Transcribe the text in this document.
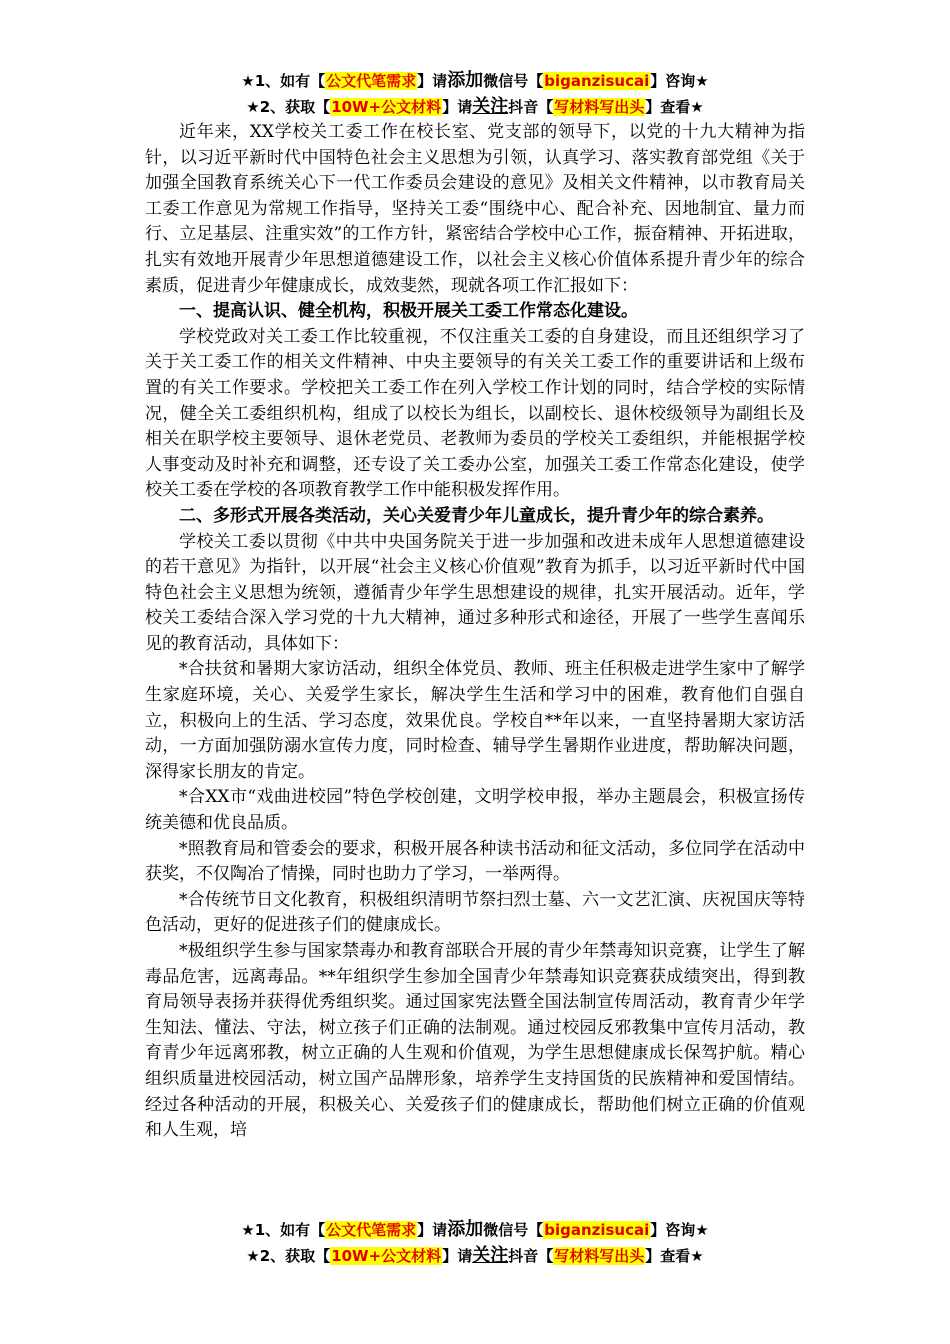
★1、如有【公文代笔需求】请添加微信号【biganzisucai】咨询★
★2、获取【10W+公文材料】请关注抖音【写材料写出头】查看★

近年来，XX学校关工委工作在校长室、党支部的领导下，以党的十九大精神为指针，以习近平新时代中国特色社会主义思想为引领，认真学习、落实教育部党组《关于加强全国教育系统关心下一代工作委员会建设的意见》及相关文件精神，以市教育局关工委工作意见为常规工作指导，坚持关工委“围绕中心、配合补充、因地制宜、量力而行、立足基层、注重实效”的工作方针，紧密结合学校中心工作，振奋精神、开拓进取，扎实有效地开展青少年思想道德建设工作，以社会主义核心价值体系提升青少年的综合素质，促进青少年健康成长，成效斐然，现就各项工作汇报如下：

一、提高认识、健全机构，积极开展关工委工作常态化建设。

学校党政对关工委工作比较重视，不仅注重关工委的自身建设，而且还组织学习了关于关工委工作的相关文件精神、中央主要领导的有关关工委工作的重要讲话和上级布置的有关工作要求。学校把关工委工作在列入学校工作计划的同时，结合学校的实际情况，健全关工委组织机构，组成了以校长为组长，以副校长、退休校级领导为副组长及相关在职学校主要领导、退休老党员、老教师为委员的学校关工委组织，并能根据学校人事变动及时补充和调整，还专设了关工委办公室，加强关工委工作常态化建设，使学校关工委在学校的各项教育教学工作中能积极发挥作用。

二、多形式开展各类活动，关心关爱青少年儿童成长，提升青少年的综合素养。

学校关工委以贯彻《中共中央国务院关于进一步加强和改进未成年人思想道德建设的若干意见》为指针，以开展“社会主义核心价值观”教育为抓手，以习近平新时代中国特色社会主义思想为统领，遵循青少年学生思想建设的规律，扎实开展活动。近年，学校关工委结合深入学习党的十九大精神，通过多种形式和途径，开展了一些学生喜闻乐见的教育活动，具体如下：

*合扶贫和暑期大家访活动，组织全体党员、教师、班主任积极走进学生家中了解学生家庭环境，关心、关爱学生家长，解决学生生活和学习中的困难，教育他们自强自立，积极向上的生活、学习态度，效果优良。学校自**年以来，一直坚持暑期大家访活动，一方面加强防溺水宣传力度，同时检查、辅导学生暑期作业进度，帮助解决问题，深得家长朋友的肯定。

*合XX市“戏曲进校园”特色学校创建，文明学校申报，举办主题晨会，积极宣扬传统美德和优良品质。

*照教育局和管委会的要求，积极开展各种读书活动和征文活动，多位同学在活动中获奖，不仅陶冶了情操，同时也助力了学习，一举两得。

*合传统节日文化教育，积极组织清明节祭扫烈士墓、六一文艺汇演、庆祝国庆等特色活动，更好的促进孩子们的健康成长。

*极组织学生参与国家禁毒办和教育部联合开展的青少年禁毒知识竞赛，让学生了解毒品危害，远离毒品。**年组织学生参加全国青少年禁毒知识竞赛获成绩突出，得到教育局领导表扬并获得优秀组织奖。通过国家宪法暨全国法制宣传周活动，教育青少年学生知法、懂法、守法，树立孩子们正确的法制观。通过校园反邪教集中宣传月活动，教育青少年远离邪教，树立正确的人生观和价值观，为学生思想健康成长保驾护航。精心组织质量进校园活动，树立国产品牌形象，培养学生支持国货的民族精神和爱国情结。经过各种活动的开展，积极关心、关爱孩子们的健康成长，帮助他们树立正确的价值观和人生观，培

★1、如有【公文代笔需求】请添加微信号【biganzisucai】咨询★
★2、获取【10W+公文材料】请关注抖音【写材料写出头】查看★
